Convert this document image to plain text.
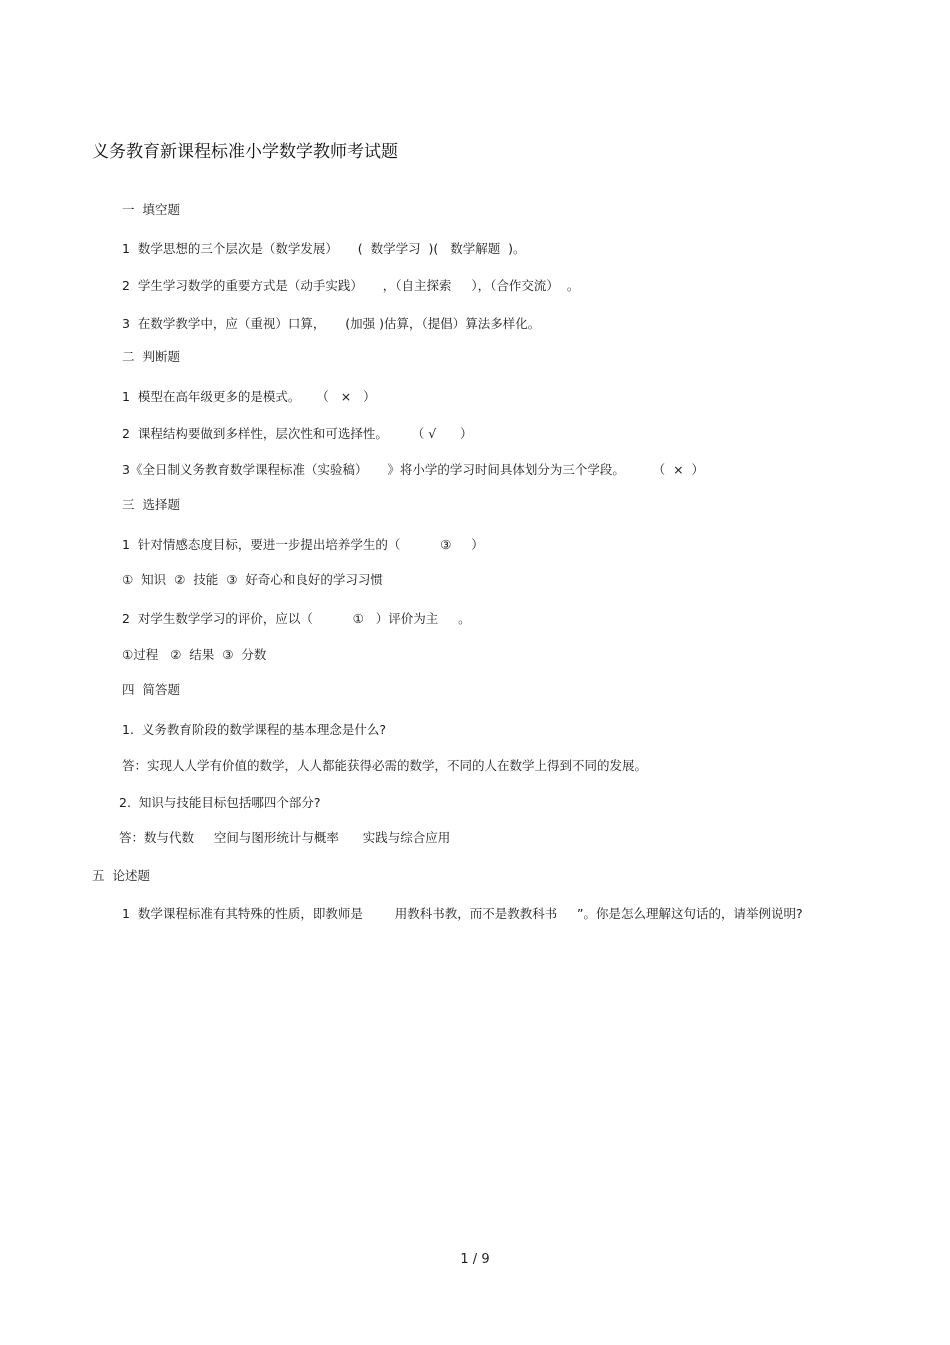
义务教育新课程标准小学数学教师考试题
一  填空题
1  数学思想的三个层次是（数学发展）     (  数学学习  )(   数学解题  )。
2  学生学习数学的重要方式是（动手实践）     ，（自主探索     ），（合作交流）  。
3  在数学教学中，应（重视）口算，     (加强 )估算，（提倡）算法多样化。
二  判断题
1  模型在高年级更多的是模式。    （   ×   ）
2  课程结构要做到多样性，层次性和可选择性。      （ √      ）
3《全日制义务教育数学课程标准（实验稿）     》将小学的学习时间具体划分为三个学段。       （  ×  ）
三  选择题
1  针对情感态度目标，要进一步提出培养学生的（          ③     ）
①  知识  ②  技能  ③  好奇心和良好的学习习惯
2  对学生数学学习的评价，应以（          ①   ）评价为主     。
①过程   ②  结果  ③  分数
四  简答题
1.  义务教育阶段的数学课程的基本理念是什么?
答：实现人人学有价值的数学，人人都能获得必需的数学，不同的人在数学上得到不同的发展。
2.  知识与技能目标包括哪四个部分?
答：数与代数     空间与图形统计与概率      实践与综合应用
五  论述题
1  数学课程标准有其特殊的性质，即教师是        用教科书教，而不是教教科书     ”。你是怎么理解这句话的，请举例说明?
1 / 9
